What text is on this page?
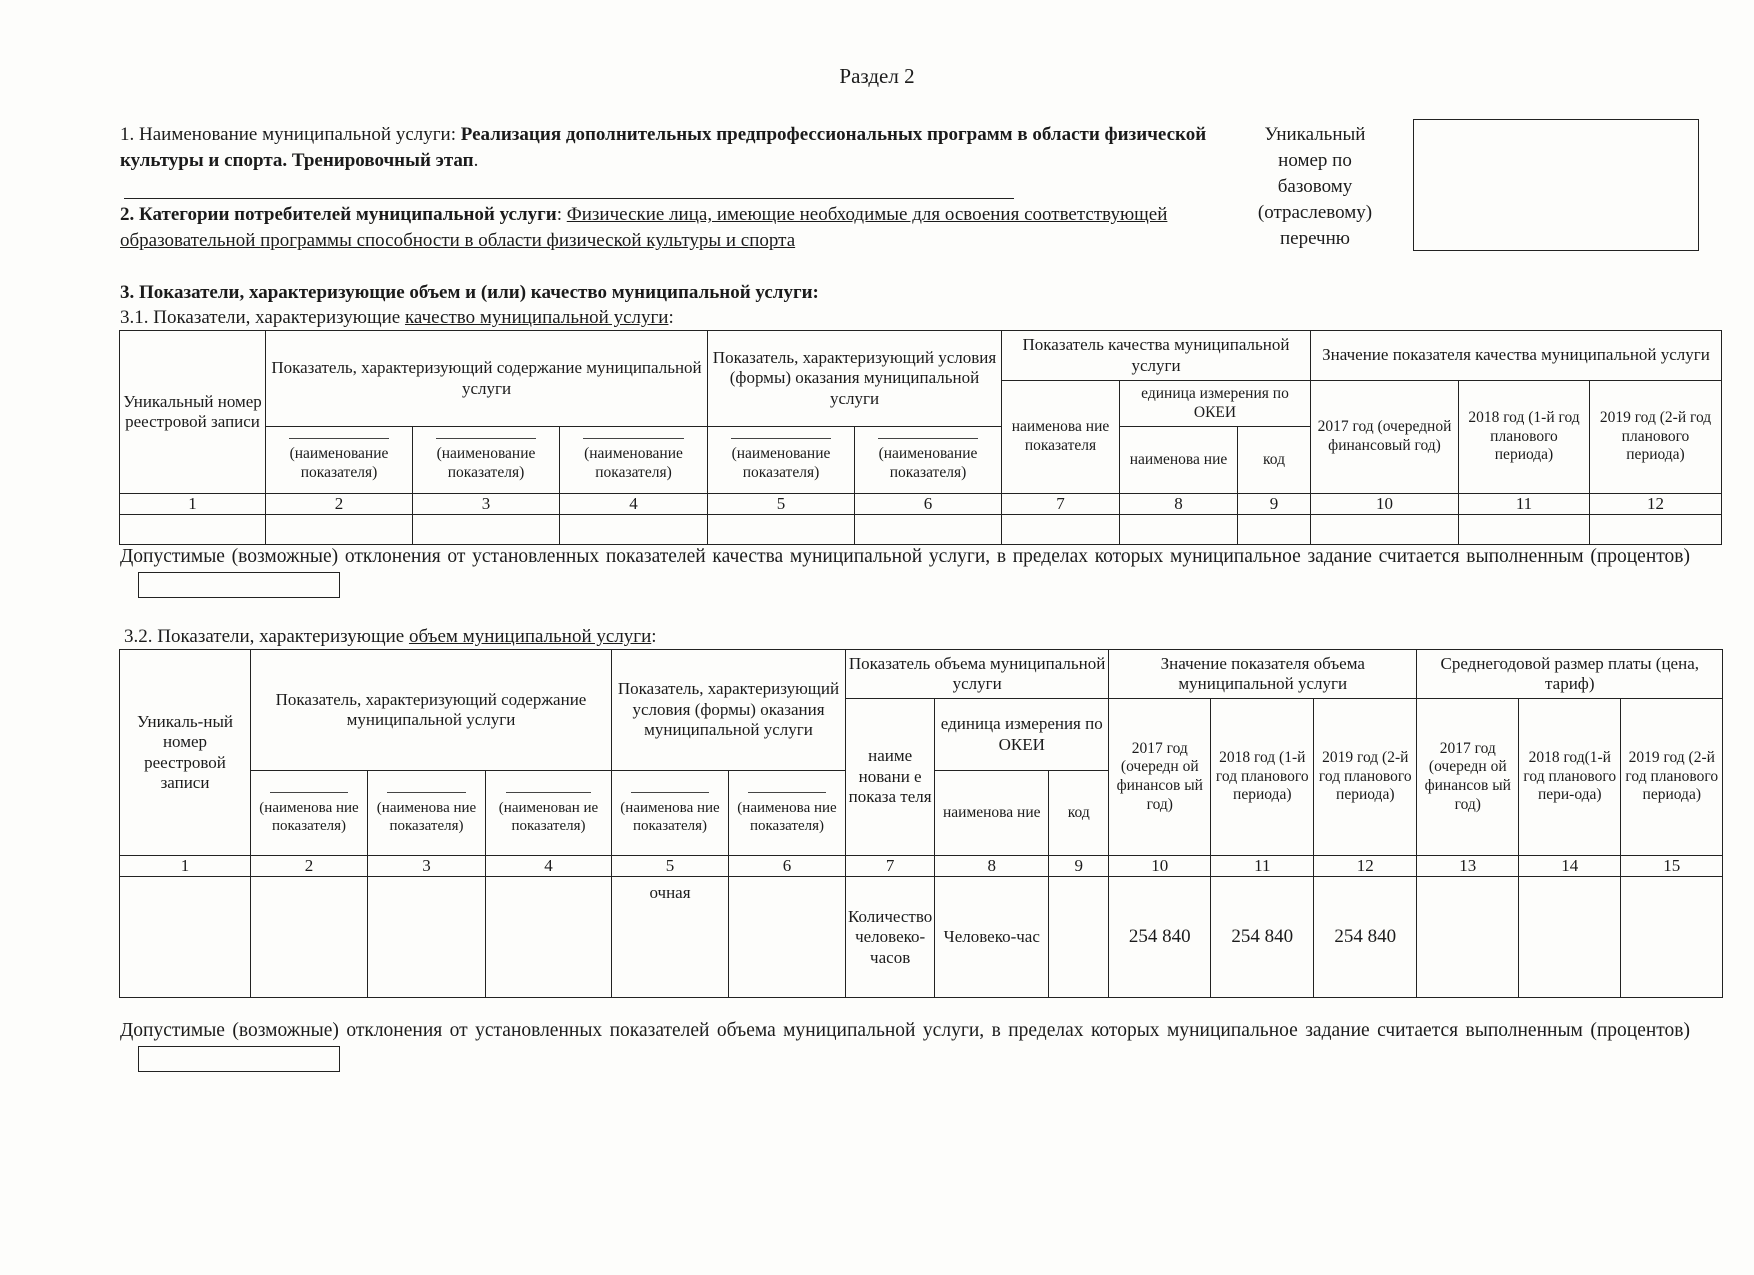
Раздел 2
1. Наименование муниципальной услуги: Реализация дополнительных предпрофессиональных программ в области физической культуры и спорта. Тренировочный этап.
2. Категории потребителей муниципальной услуги: Физические лица, имеющие необходимые для освоения соответствующей образовательной программы способности в области физической культуры и спорта
Уникальный
номер по
базовому
(отраслевому)
перечню
3. Показатели, характеризующие объем и (или) качество муниципальной услуги:
3.1. Показатели, характеризующие качество муниципальной услуги:
Уникальный номер реестровой записи	Показатель, характеризующий содержание муниципальной услуги			Показатель, характеризующий условия (формы) оказания муниципальной услуги		Показатель качества муниципальной услуги			Значение показателя качества муниципальной услуги		
						наименова ние показателя	единица измерения по ОКЕИ		2017 год (очередной финансовый год)	2018 год (1-й год планового периода)	2019 год (2-й год планового периода)

(наименование показателя)	(наименование показателя)	(наименование показателя)	(наименование показателя)	(наименование показателя)		наименова ние	код			
1	2	3	4	5	6	7	8	9	10	11	12

Допустимые (возможные) отклонения от установленных показателей качества муниципальной услуги, в пределах которых муниципальное задание считается выполненным (процентов)
3.2. Показатели, характеризующие объем муниципальной услуги:
Уникаль-ный номер реестровой записи	Показатель, характеризующий содержание муниципальной услуги			Показатель, характеризующий условия (формы) оказания муниципальной услуги		Показатель объема муниципальной услуги			Значение показателя объема муниципальной услуги			Среднегодовой размер платы (цена, тариф)		
						наиме новани е показа теля	единица измерения по ОКЕИ		2017 год (очередн ой финансов ый год)	2018 год (1-й год планового периода)	2019 год (2-й год планового периода)	2017 год (очередн ой финансов ый год)	2018 год(1-й год планового пери-ода)	2019 год (2-й год планового периода)

(наименова ние показателя)	(наименова ние показателя)	(наименован ие показателя)	(наименова ние показателя)	(наименова ние показателя)		наименова ние	код						
1	2	3	4	5	6	7	8	9	10	11	12	13	14	15
				очная		Количество человеко-часов	Человеко-час		254 840	254 840	254 840			
Допустимые (возможные) отклонения от установленных показателей объема муниципальной услуги, в пределах которых муниципальное задание считается выполненным (процентов)
